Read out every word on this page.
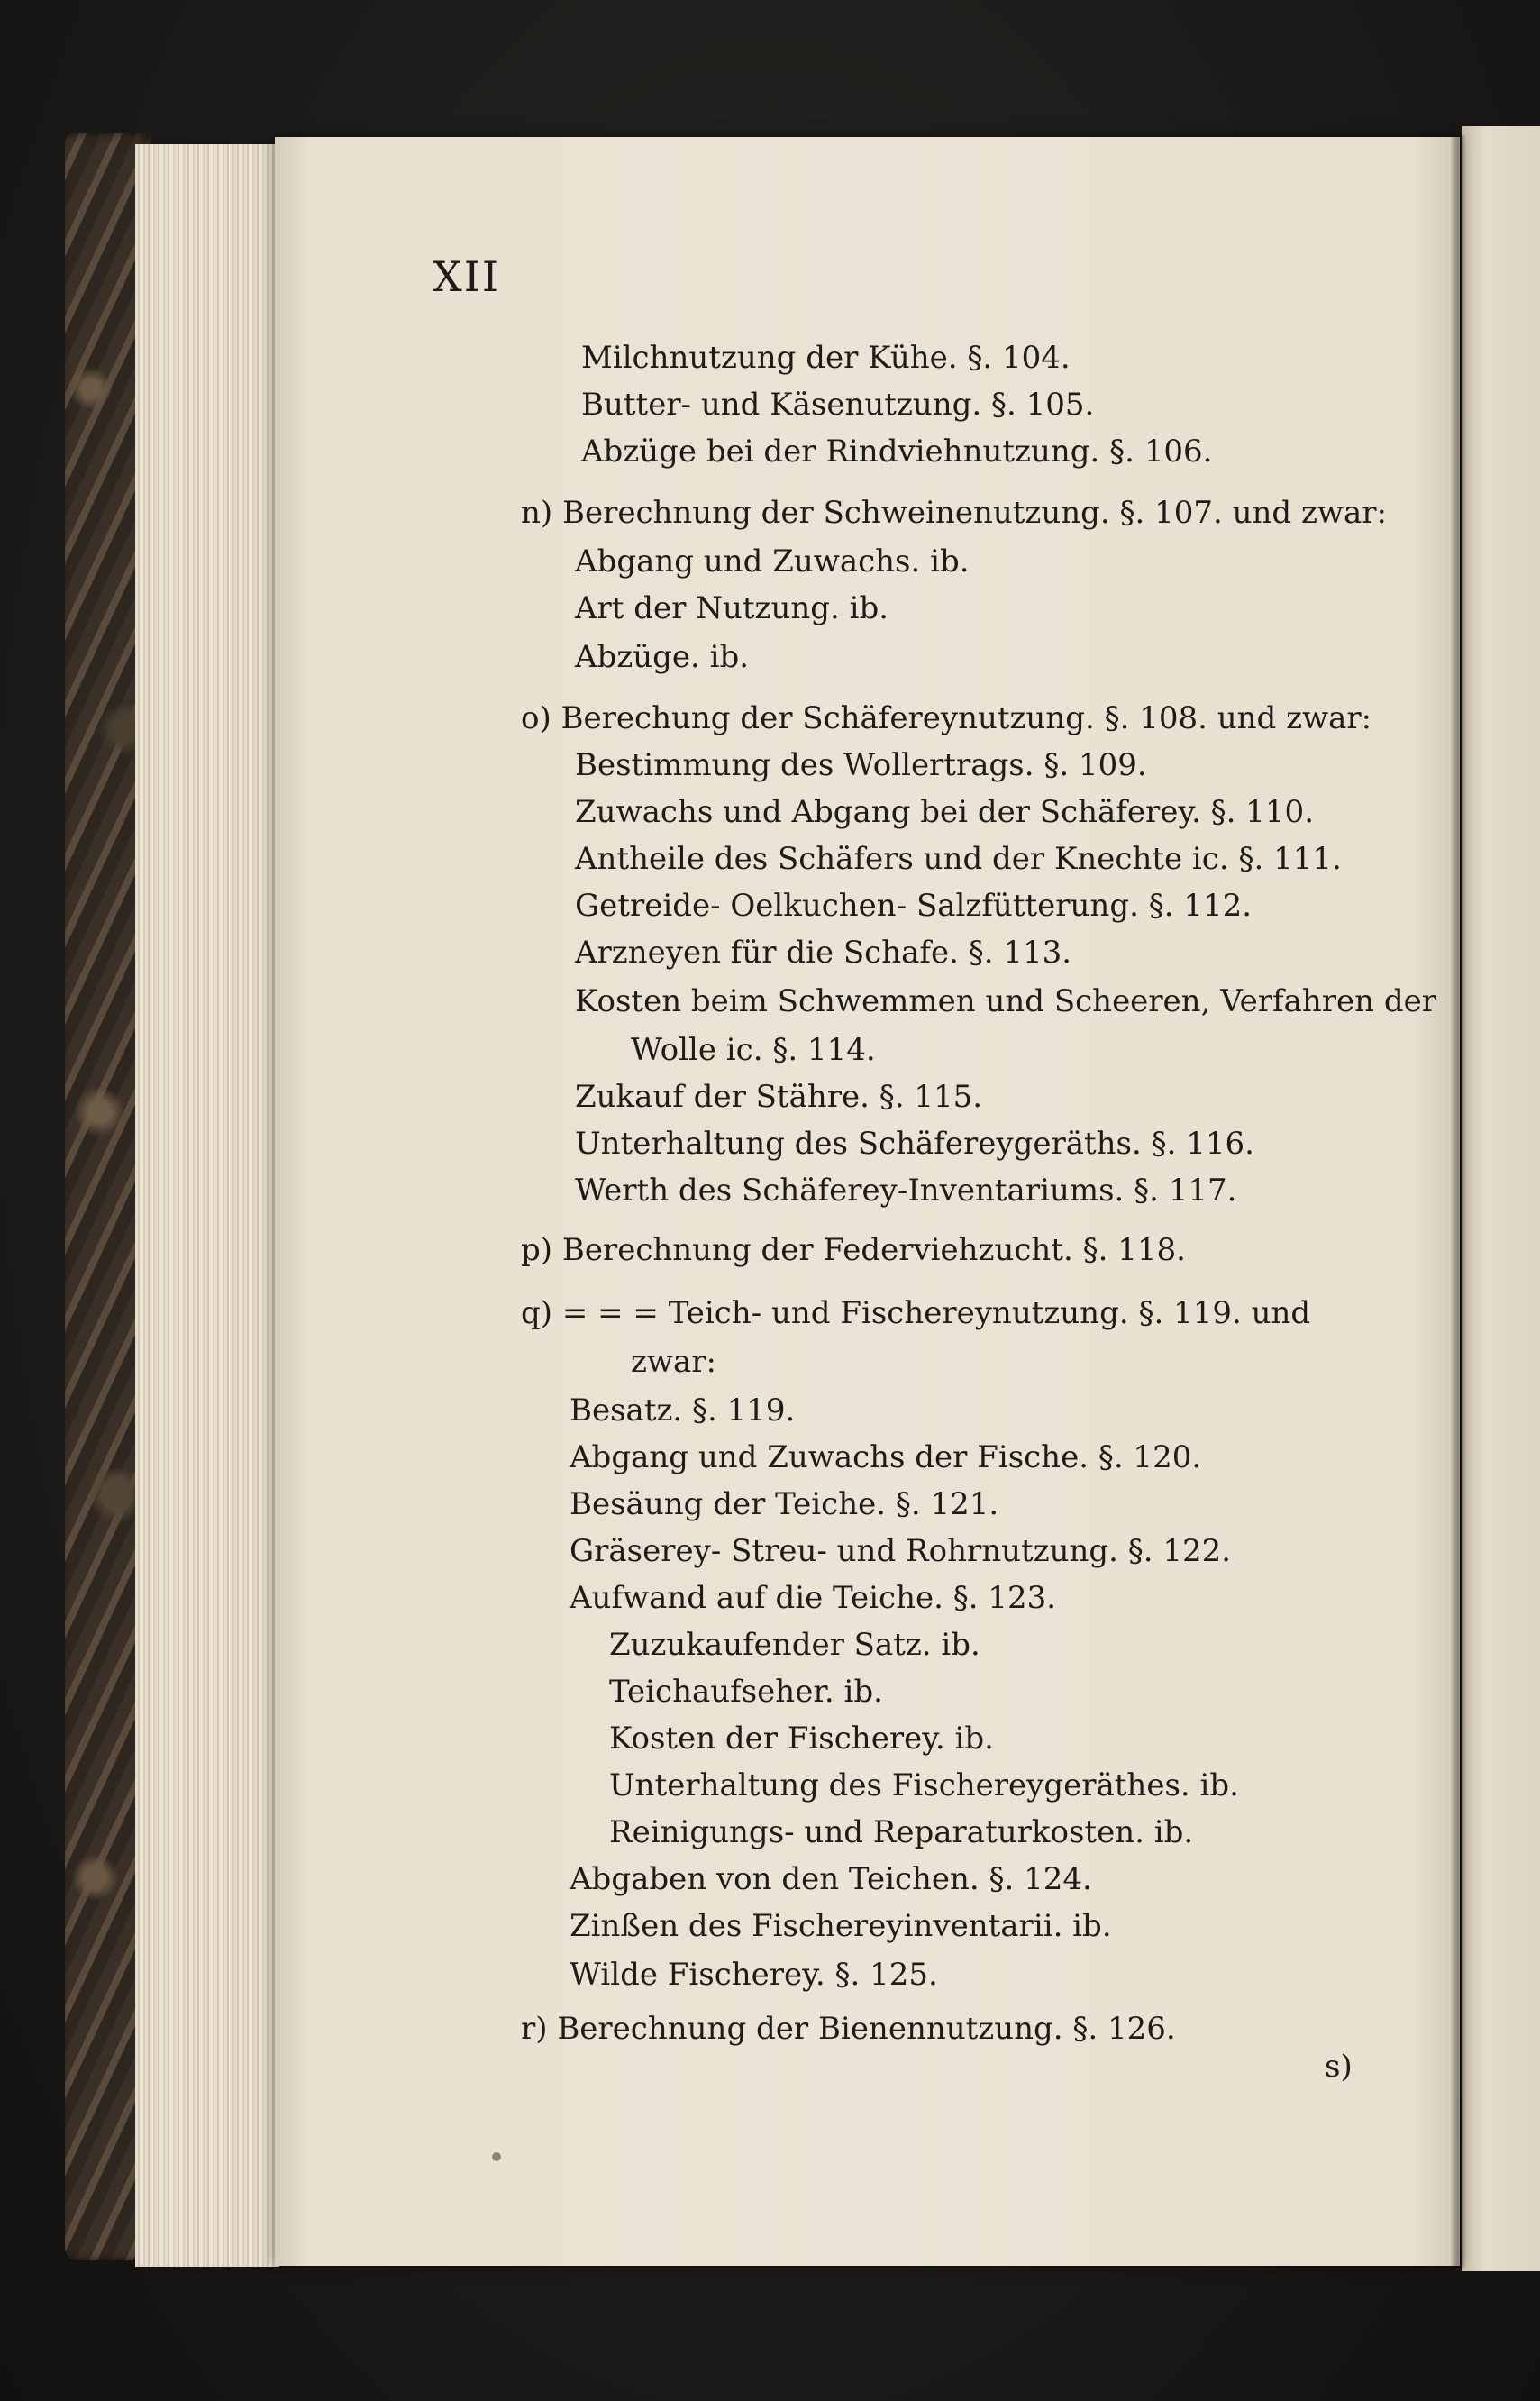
XII

Milchnutzung der Kühe. §. 104.

Butter- und Käsenutzung. §. 105.

Abzüge bei der Rindviehnutzung. §. 106.

n) Berechnung der Schweinenutzung. §. 107. und zwar:

Abgang und Zuwachs. ib.

Art der Nutzung. ib.

Abzüge. ib.

o) Berechung der Schäfereynutzung. §. 108. und zwar:

Bestimmung des Wollertrags. §. 109.

Zuwachs und Abgang bei der Schäferey. §. 110.

Antheile des Schäfers und der Knechte ic. §. 111.

Getreide- Oelkuchen- Salzfütterung. §. 112.

Arzneyen für die Schafe. §. 113.

Kosten beim Schwemmen und Scheeren, Verfahren der

Wolle ic. §. 114.

Zukauf der Stähre. §. 115.

Unterhaltung des Schäfereygeräths. §. 116.

Werth des Schäferey-Inventariums. §. 117.

p) Berechnung der Federviehzucht. §. 118.

q) = = = Teich- und Fischereynutzung. §. 119. und

zwar:

Besatz. §. 119.

Abgang und Zuwachs der Fische. §. 120.

Besäung der Teiche. §. 121.

Gräserey- Streu- und Rohrnutzung. §. 122.

Aufwand auf die Teiche. §. 123.

Zuzukaufender Satz. ib.

Teichaufseher. ib.

Kosten der Fischerey. ib.

Unterhaltung des Fischereygeräthes. ib.

Reinigungs- und Reparaturkosten. ib.

Abgaben von den Teichen. §. 124.

Zinßen des Fischereyinventarii. ib.

Wilde Fischerey. §. 125.

r) Berechnung der Bienennutzung. §. 126.

s)
